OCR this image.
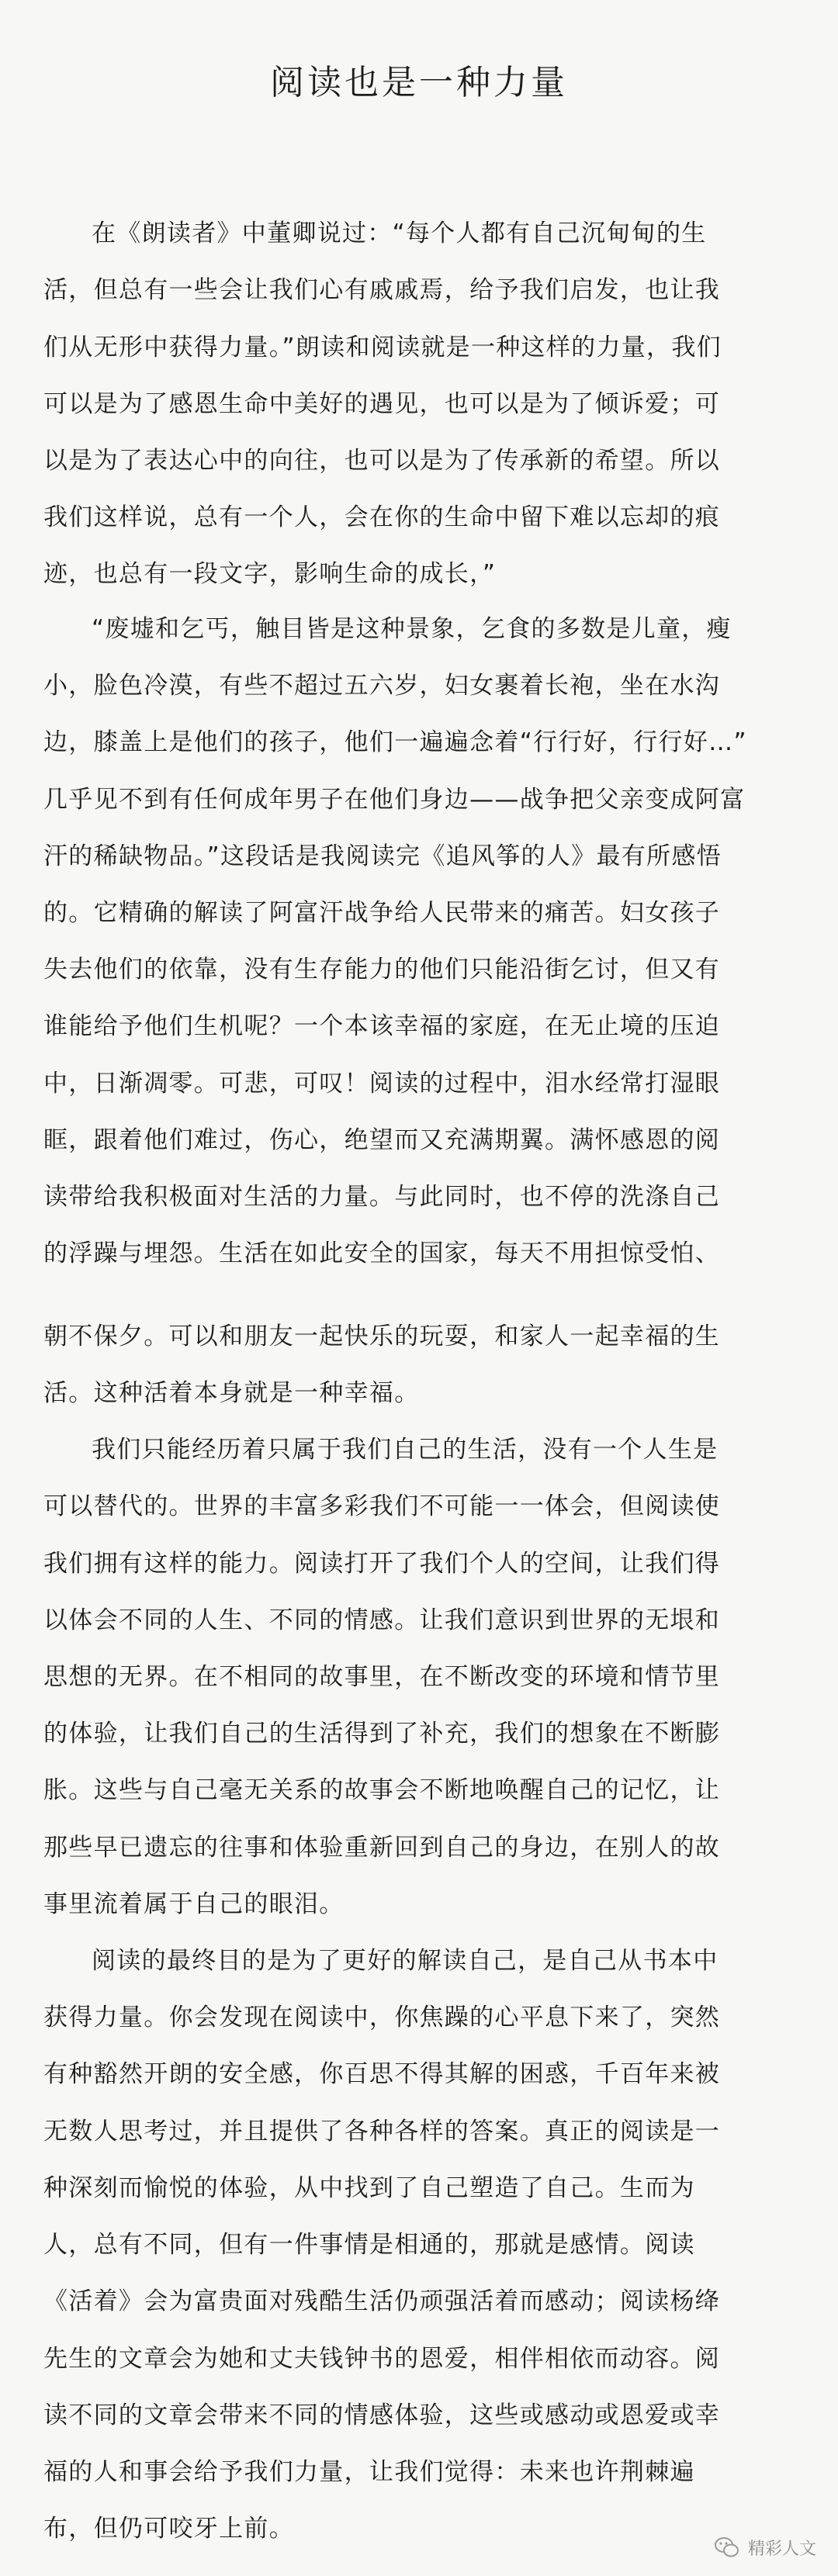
阅读也是一种力量
在《朗读者》中董卿说过：“每个人都有自己沉甸甸的生
活，但总有一些会让我们心有戚戚焉，给予我们启发，也让我
们从无形中获得力量。”朗读和阅读就是一种这样的力量，我们
可以是为了感恩生命中美好的遇见，也可以是为了倾诉爱；可
以是为了表达心中的向往，也可以是为了传承新的希望。所以
我们这样说，总有一个人，会在你的生命中留下难以忘却的痕
迹，也总有一段文字，影响生命的成长，”
“废墟和乞丐，触目皆是这种景象，乞食的多数是儿童，瘦
小，脸色冷漠，有些不超过五六岁，妇女裹着长袍，坐在水沟
边，膝盖上是他们的孩子，他们一遍遍念着“行行好，行行好…”
几乎见不到有任何成年男子在他们身边——战争把父亲变成阿富
汗的稀缺物品。”这段话是我阅读完《追风筝的人》最有所感悟
的。它精确的解读了阿富汗战争给人民带来的痛苦。妇女孩子
失去他们的依靠，没有生存能力的他们只能沿街乞讨，但又有
谁能给予他们生机呢？一个本该幸福的家庭，在无止境的压迫
中，日渐凋零。可悲，可叹！阅读的过程中，泪水经常打湿眼
眶，跟着他们难过，伤心，绝望而又充满期翼。满怀感恩的阅
读带给我积极面对生活的力量。与此同时，也不停的洗涤自己
的浮躁与埋怨。生活在如此安全的国家，每天不用担惊受怕、
朝不保夕。可以和朋友一起快乐的玩耍，和家人一起幸福的生
活。这种活着本身就是一种幸福。
我们只能经历着只属于我们自己的生活，没有一个人生是
可以替代的。世界的丰富多彩我们不可能一一体会，但阅读使
我们拥有这样的能力。阅读打开了我们个人的空间，让我们得
以体会不同的人生、不同的情感。让我们意识到世界的无垠和
思想的无界。在不相同的故事里，在不断改变的环境和情节里
的体验，让我们自己的生活得到了补充，我们的想象在不断膨
胀。这些与自己毫无关系的故事会不断地唤醒自己的记忆，让
那些早已遗忘的往事和体验重新回到自己的身边，在别人的故
事里流着属于自己的眼泪。
阅读的最终目的是为了更好的解读自己，是自己从书本中
获得力量。你会发现在阅读中，你焦躁的心平息下来了，突然
有种豁然开朗的安全感，你百思不得其解的困惑，千百年来被
无数人思考过，并且提供了各种各样的答案。真正的阅读是一
种深刻而愉悦的体验，从中找到了自己塑造了自己。生而为
人，总有不同，但有一件事情是相通的，那就是感情。阅读
《活着》会为富贵面对残酷生活仍顽强活着而感动；阅读杨绛
先生的文章会为她和丈夫钱钟书的恩爱，相伴相依而动容。阅
读不同的文章会带来不同的情感体验，这些或感动或恩爱或幸
福的人和事会给予我们力量，让我们觉得：未来也许荆棘遍
布，但仍可咬牙上前。
精彩人文
